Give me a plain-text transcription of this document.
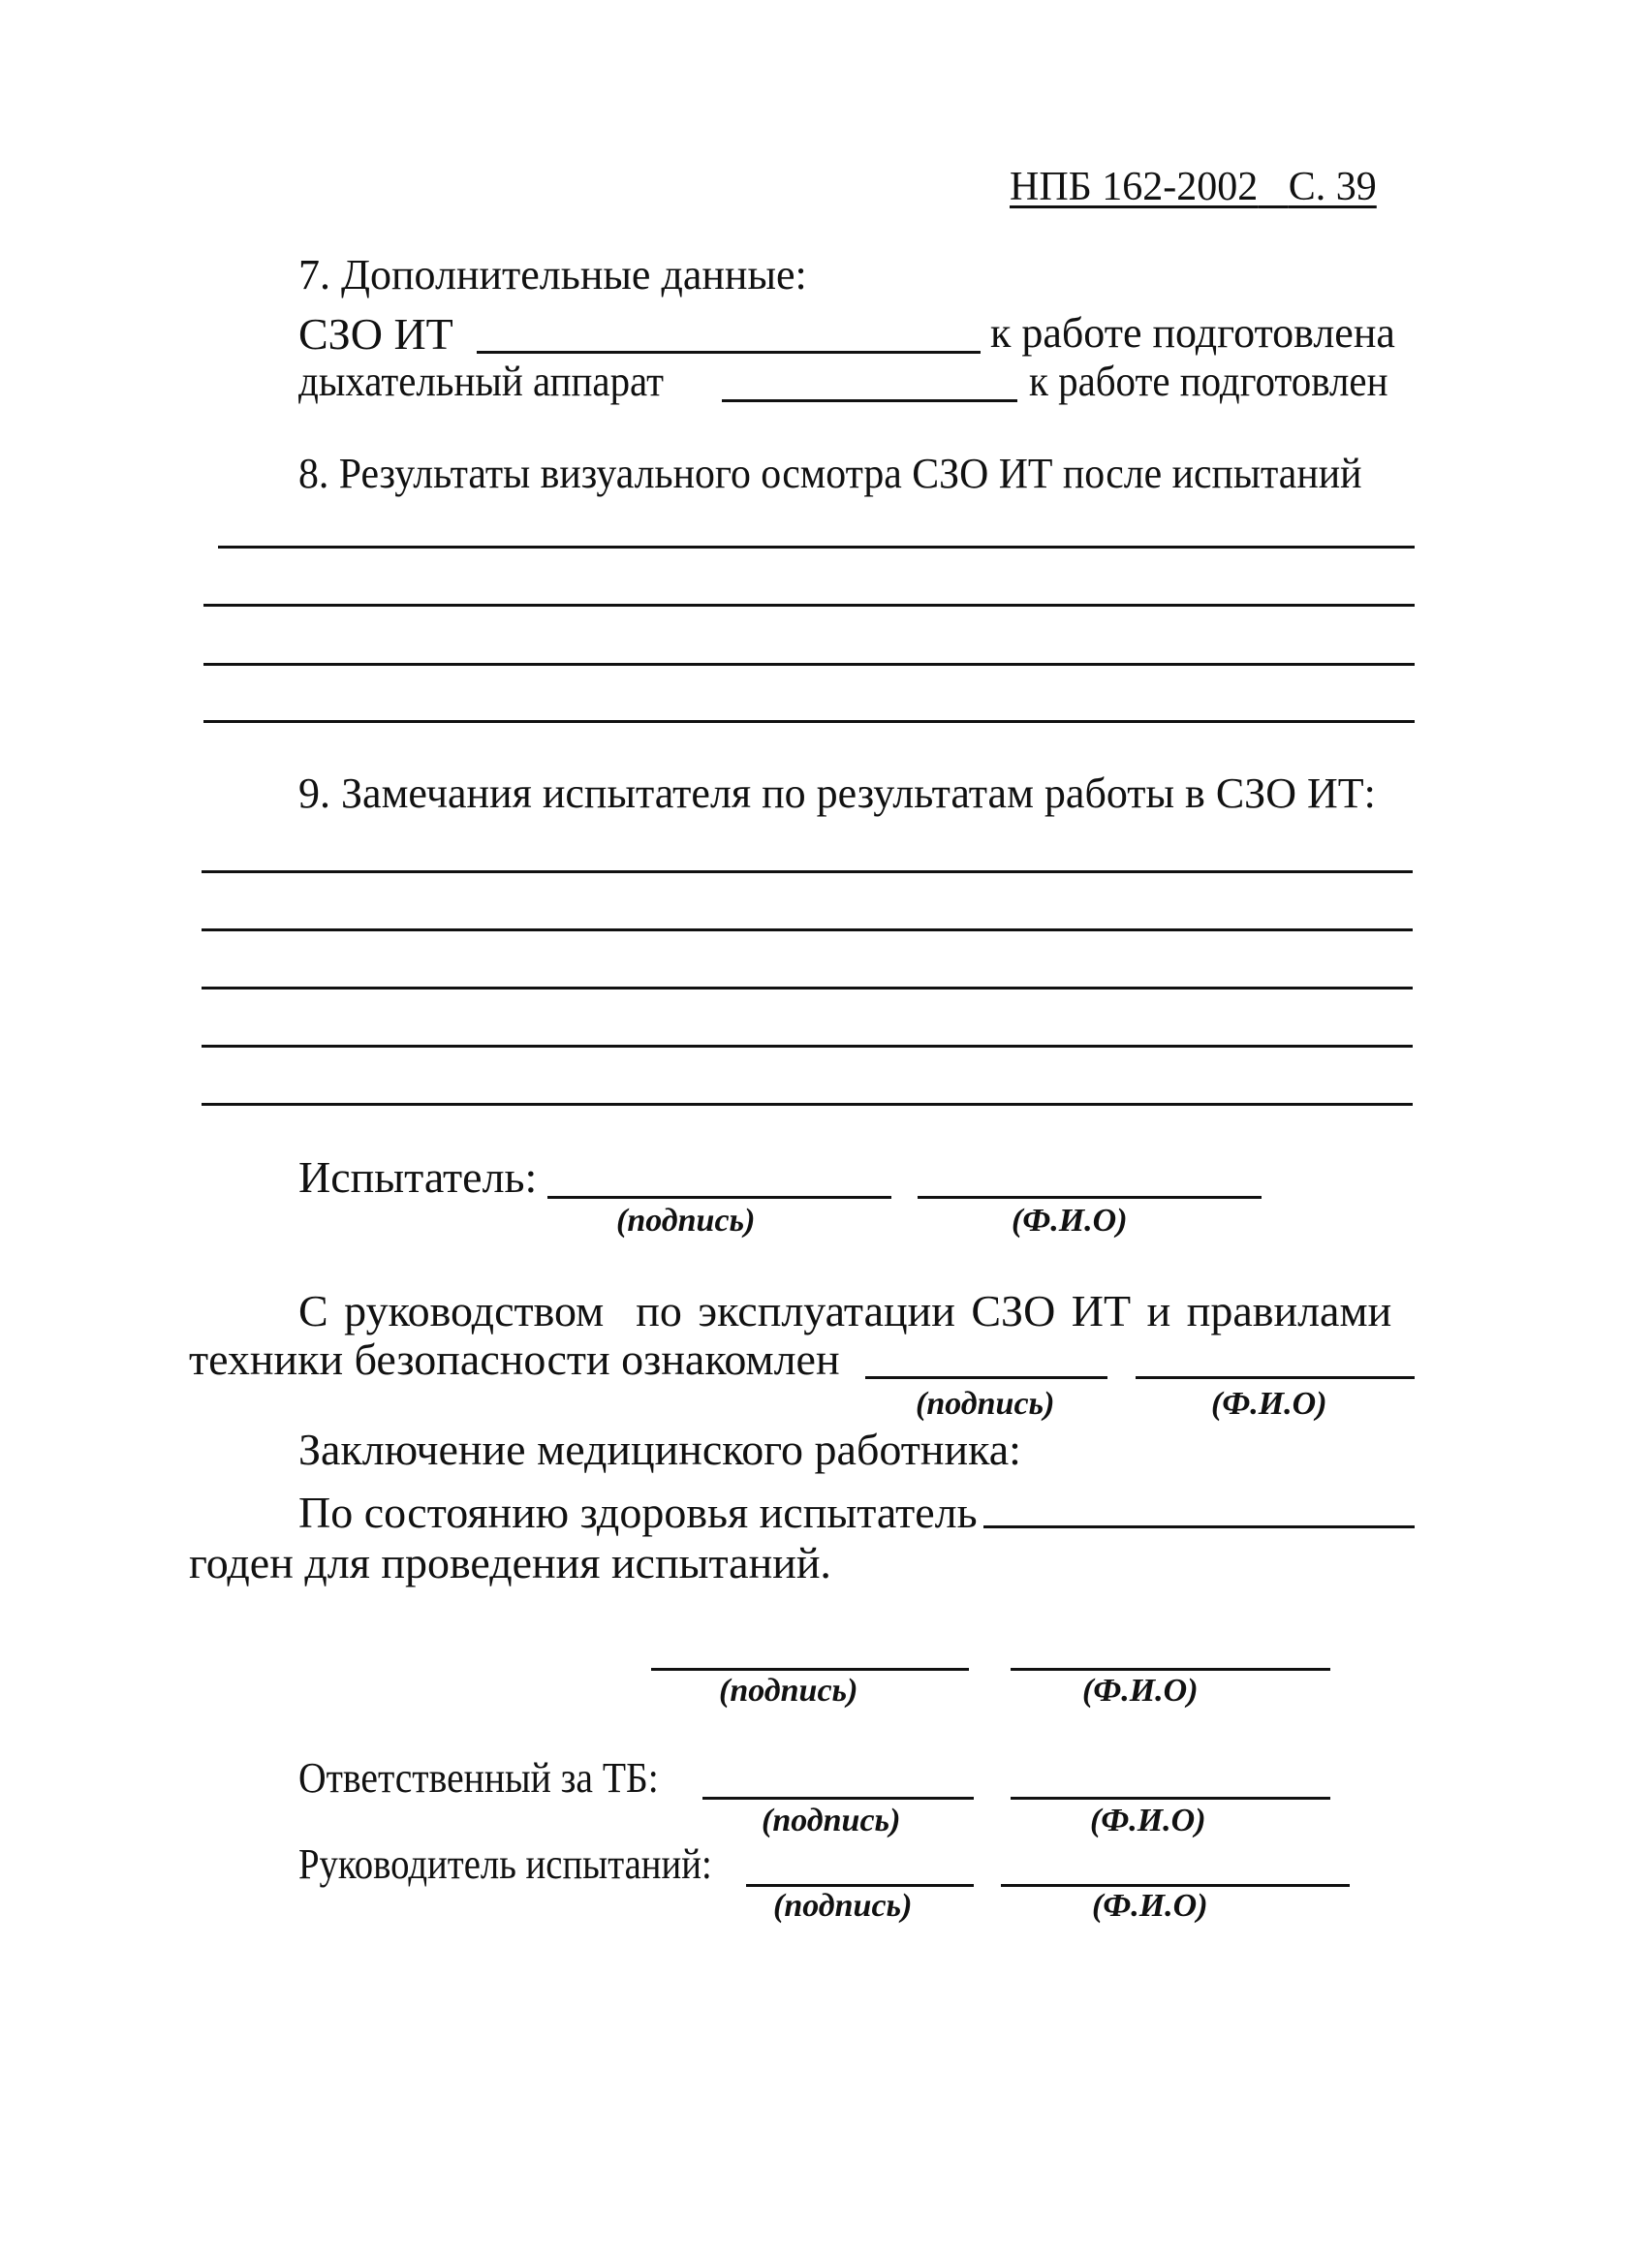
НПБ 162-2002 С. 39
7. Дополнительные данные:
СЗО ИТ	к работе подготовлена
дыхательный аппарат	к работе подготовлен
8. Результаты визуального осмотра СЗО ИТ после испытаний
9. Замечания испытателя по результатам работы в СЗО ИТ:
Испытатель:
(подпись)	(Ф.И.О)
С руководством по эксплуатации СЗО ИТ и правилами
техники безопасности ознакомлен
(подпись)	(Ф.И.О)
Заключение медицинского работника:
По состоянию здоровья испытатель
годен для проведения испытаний.
(подпись)	(Ф.И.О)
Ответственный за ТБ:
(подпись)	(Ф.И.О)
Руководитель испытаний:
(подпись)	(Ф.И.О)
